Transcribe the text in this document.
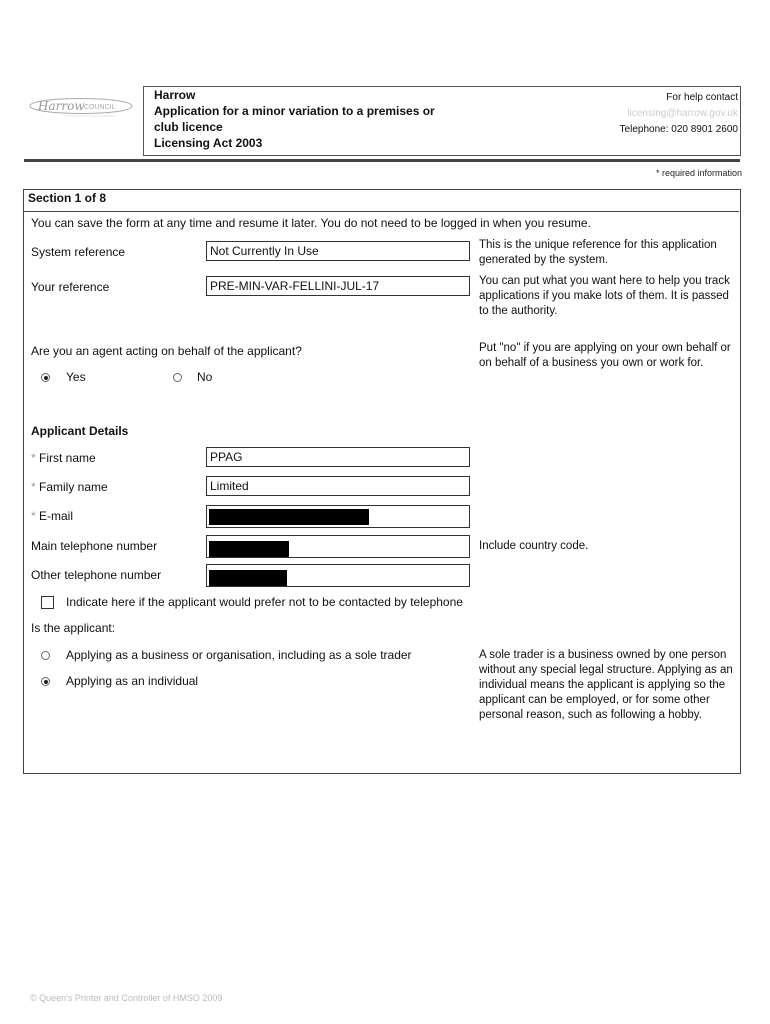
Harrow COUNCIL
Harrow
Application for a minor variation to a premises or
club licence
Licensing Act 2003
For help contact
licensing@harrow.gov.uk
Telephone: 020 8901 2600
* required information
Section 1 of 8
You can save the form at any time and resume it later. You do not need to be logged in when you resume.
System reference	Not Currently In Use	This is the unique reference for this application generated by the system.
Your reference	PRE-MIN-VAR-FELLINI-JUL-17	You can put what you want here to help you track applications if you make lots of them. It is passed to the authority.
Are you an agent acting on behalf of the applicant?	Put "no" if you are applying on your own behalf or on behalf of a business you own or work for.
Yes	No
Applicant Details
* First name	PPAG
* Family name	Limited
* E-mail
Main telephone number	Include country code.
Other telephone number
Indicate here if the applicant would prefer not to be contacted by telephone
Is the applicant:
Applying as a business or organisation, including as a sole trader
Applying as an individual
A sole trader is a business owned by one person without any special legal structure. Applying as an individual means the applicant is applying so the applicant can be employed, or for some other personal reason, such as following a hobby.
© Queen's Printer and Controller of HMSO 2009
